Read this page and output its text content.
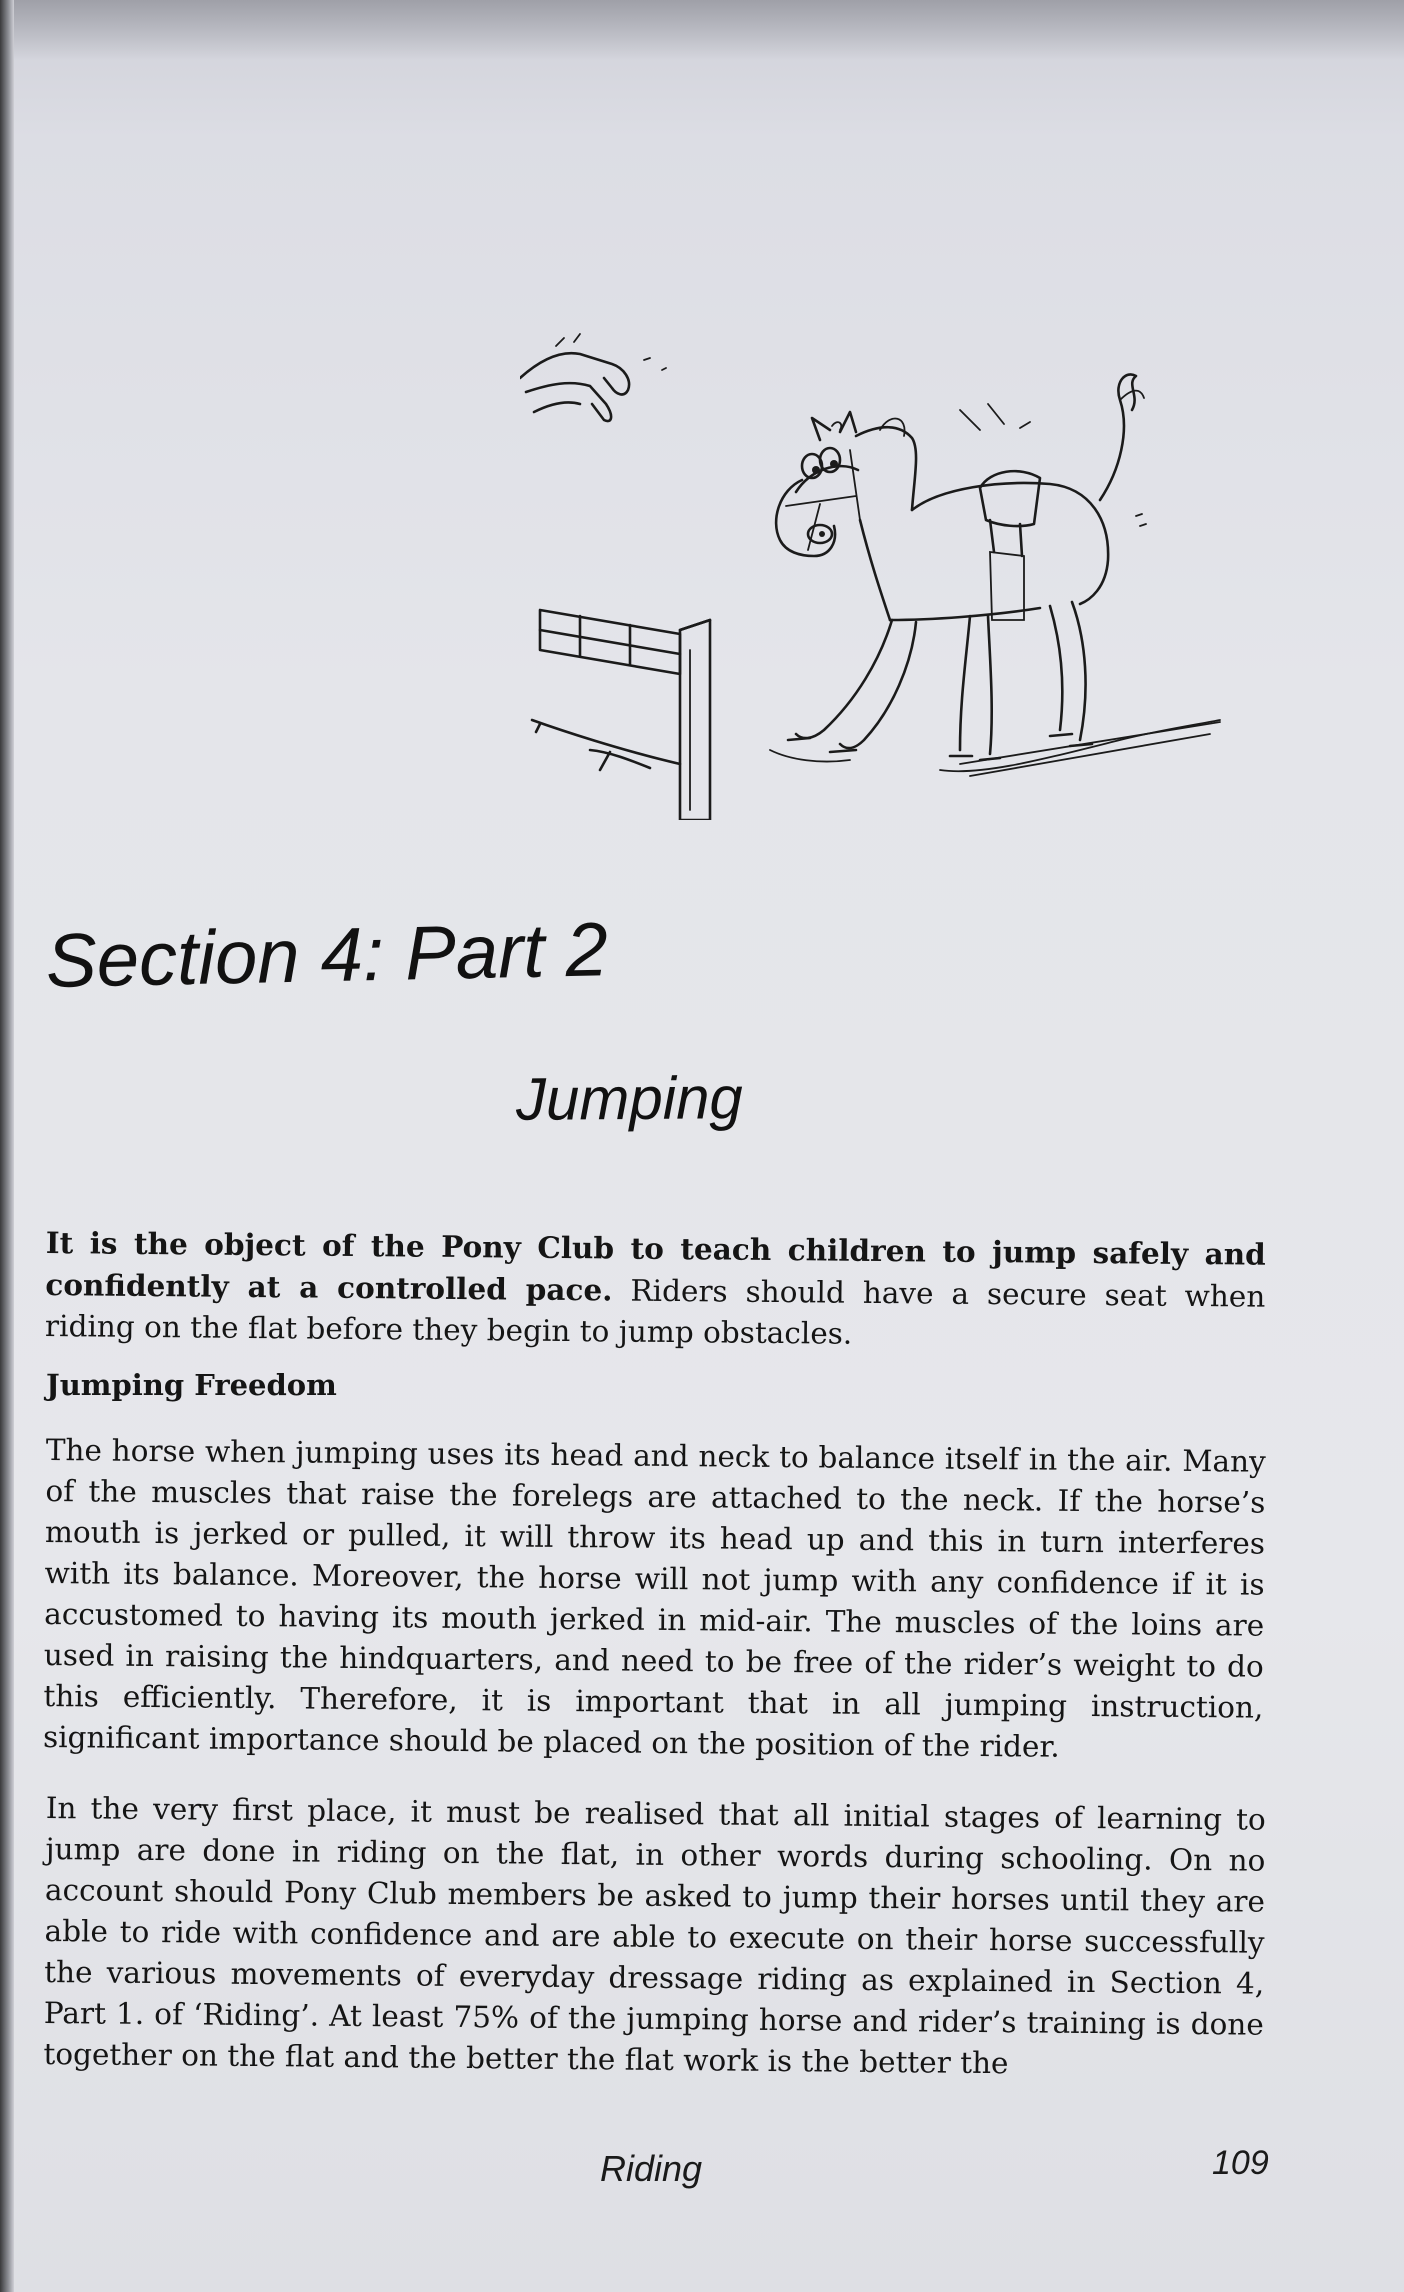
Section 4: Part 2
Jumping

It is the object of the Pony Club to teach children to jump safely and confidently at a controlled pace. Riders should have a secure seat when riding on the flat before they begin to jump obstacles.

Jumping Freedom

The horse when jumping uses its head and neck to balance itself in the air. Many of the muscles that raise the forelegs are attached to the neck. If the horse’s mouth is jerked or pulled, it will throw its head up and this in turn interferes with its balance. Moreover, the horse will not jump with any confidence if it is accustomed to having its mouth jerked in mid-air. The muscles of the loins are used in raising the hindquarters, and need to be free of the rider’s weight to do this efficiently. Therefore, it is important that in all jumping instruction, significant importance should be placed on the position of the rider.

In the very first place, it must be realised that all initial stages of learning to jump are done in riding on the flat, in other words during schooling. On no account should Pony Club members be asked to jump their horses until they are able to ride with confidence and are able to execute on their horse successfully the various movements of everyday dressage riding as explained in Section 4, Part 1. of ‘Riding’. At least 75% of the jumping horse and rider’s training is done together on the flat and the better the flat work is the better the

Riding	109
